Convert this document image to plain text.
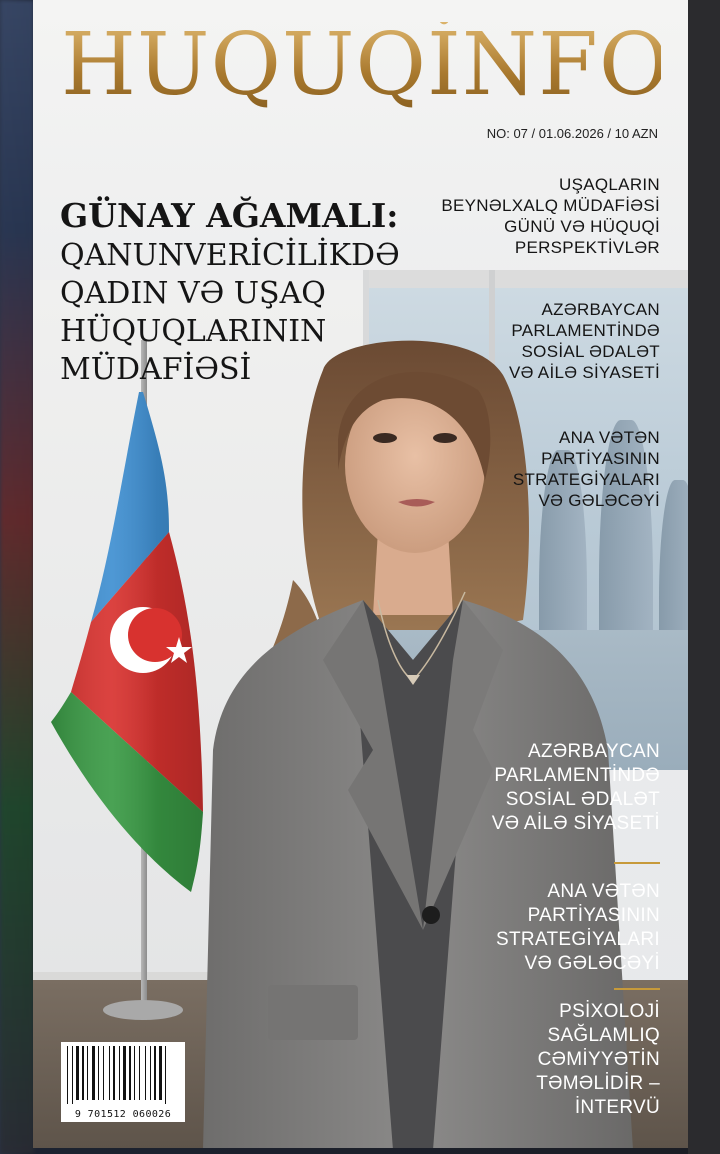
HUQUQİNFO
NO: 07 / 01.06.2026 / 10 AZN
GÜNAY AĞAMALI:
QANUNVERİCİLİKDƏ
QADIN VƏ UŞAQ
HÜQUQLARININ
MÜDAFİƏSİ
UŞAQLARIN
BEYNƏLXALQ MÜDAFİƏSİ
GÜNÜ VƏ HÜQUQİ
PERSPEKTİVLƏR
AZƏRBAYCAN
PARLAMENTİNDƏ
SOSİAL ƏDALƏT
VƏ AİLƏ SİYASETİ
ANA VƏTƏN
PARTİYASININ
STRATEGİYALARI
VƏ GƏLƏCƏYİ
AZƏRBAYCAN
PARLAMENTİNDƏ
SOSİAL ƏDALƏT
VƏ AİLƏ SİYASETİ
ANA VƏTƏN
PARTİYASININ
STRATEGİYALARI
VƏ GƏLƏCƏYİ
PSİXOLOJİ
SAĞLAMLIQ
CƏMİYYƏTİN
TƏMƏLİDİR –
İNTERVÜ
9 701512 060026
